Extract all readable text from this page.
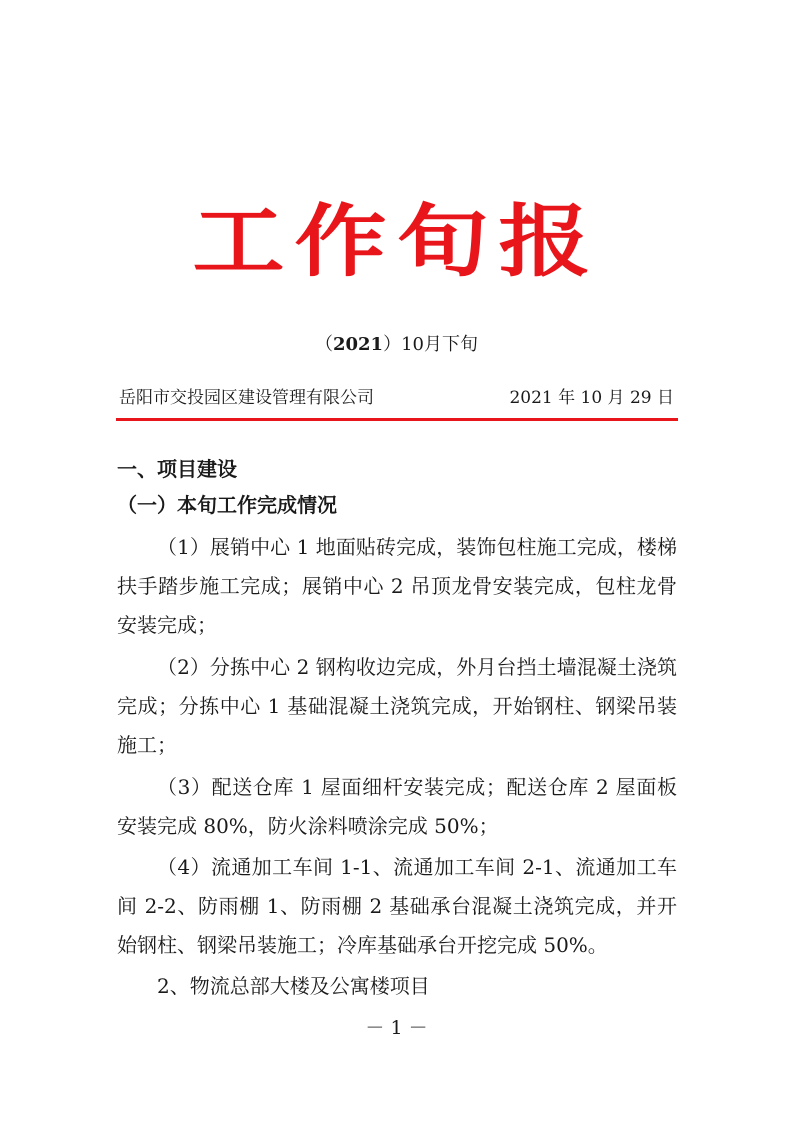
工作旬报
（2021）10月下旬
岳阳市交投园区建设管理有限公司	2021 年 10 月 29 日
一、项目建设
（一）本旬工作完成情况

（1）展销中心 1 地面贴砖完成，装饰包柱施工完成，楼梯扶手踏步施工完成；展销中心 2 吊顶龙骨安装完成，包柱龙骨安装完成；

（2）分拣中心 2 钢构收边完成，外月台挡土墙混凝土浇筑完成；分拣中心 1 基础混凝土浇筑完成，开始钢柱、钢梁吊装施工；

（3）配送仓库 1 屋面细杆安装完成；配送仓库 2 屋面板安装完成 80%，防火涂料喷涂完成 50%；

（4）流通加工车间 1-1、流通加工车间 2-1、流通加工车间 2-2、防雨棚 1、防雨棚 2 基础承台混凝土浇筑完成，并开始钢柱、钢梁吊装施工；冷库基础承台开挖完成 50%。

2、物流总部大楼及公寓楼项目

－ 1 －
